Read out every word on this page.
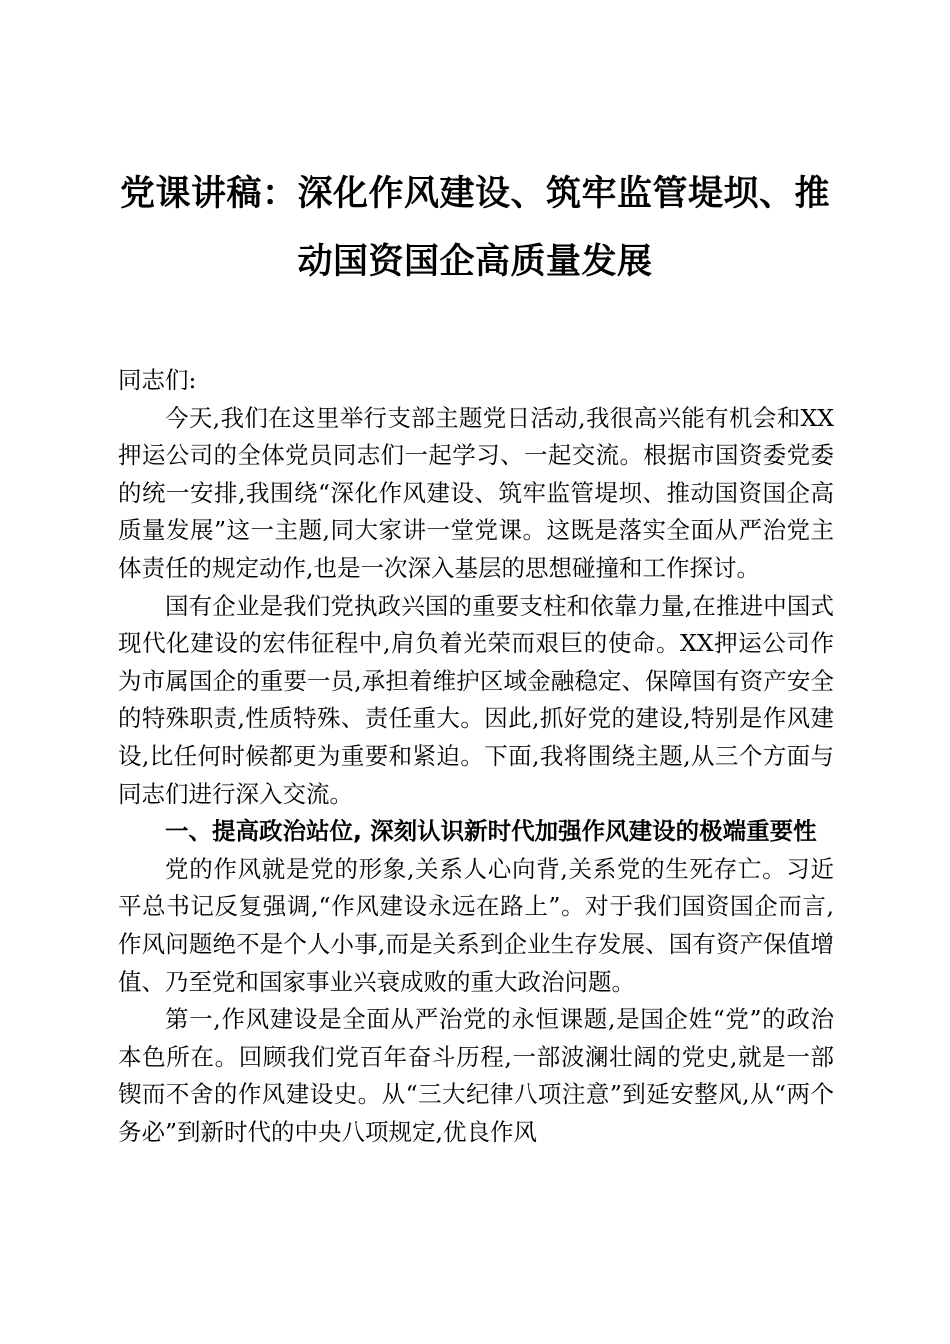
党课讲稿：深化作风建设、筑牢监管堤坝、推
动国资国企高质量发展

同志们:

今天,我们在这里举行支部主题党日活动,我很高兴能有机会和XX押运公司的全体党员同志们一起学习、一起交流。根据市国资委党委的统一安排,我围绕“深化作风建设、筑牢监管堤坝、推动国资国企高质量发展”这一主题,同大家讲一堂党课。这既是落实全面从严治党主体责任的规定动作,也是一次深入基层的思想碰撞和工作探讨。

国有企业是我们党执政兴国的重要支柱和依靠力量,在推进中国式现代化建设的宏伟征程中,肩负着光荣而艰巨的使命。XX押运公司作为市属国企的重要一员,承担着维护区域金融稳定、保障国有资产安全的特殊职责,性质特殊、责任重大。因此,抓好党的建设,特别是作风建设,比任何时候都更为重要和紧迫。下面,我将围绕主题,从三个方面与同志们进行深入交流。

一、提高政治站位, 深刻认识新时代加强作风建设的极端重要性

党的作风就是党的形象,关系人心向背,关系党的生死存亡。习近平总书记反复强调,“作风建设永远在路上”。对于我们国资国企而言,作风问题绝不是个人小事,而是关系到企业生存发展、国有资产保值增值、乃至党和国家事业兴衰成败的重大政治问题。

第一,作风建设是全面从严治党的永恒课题,是国企姓“党”的政治本色所在。回顾我们党百年奋斗历程,一部波澜壮阔的党史,就是一部锲而不舍的作风建设史。从“三大纪律八项注意”到延安整风,从“两个务必”到新时代的中央八项规定,优良作风
